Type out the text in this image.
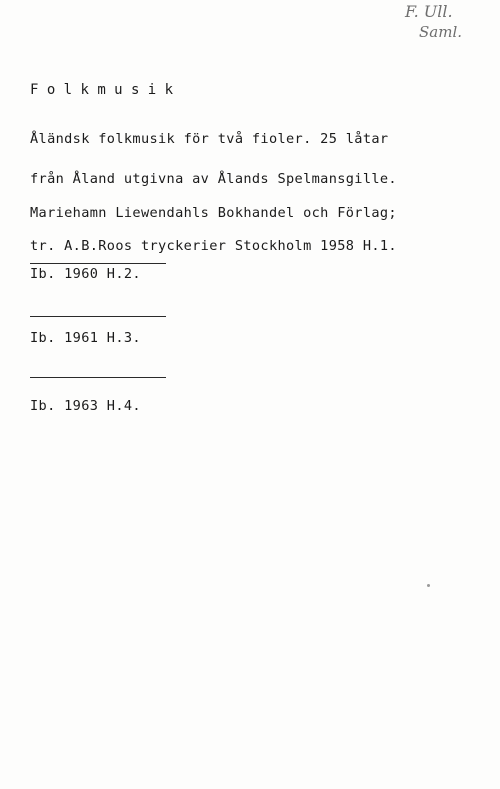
F. Ull.
Saml.
Folkmusik
Åländsk folkmusik för två fioler. 25 låtar
från Åland utgivna av Ålands Spelmansgille.
Mariehamn Liewendahls Bokhandel och Förlag;
tr. A.B.Roos tryckerier Stockholm 1958 H.1.
Ib. 1960 H.2.
Ib. 1961 H.3.
Ib. 1963 H.4.
